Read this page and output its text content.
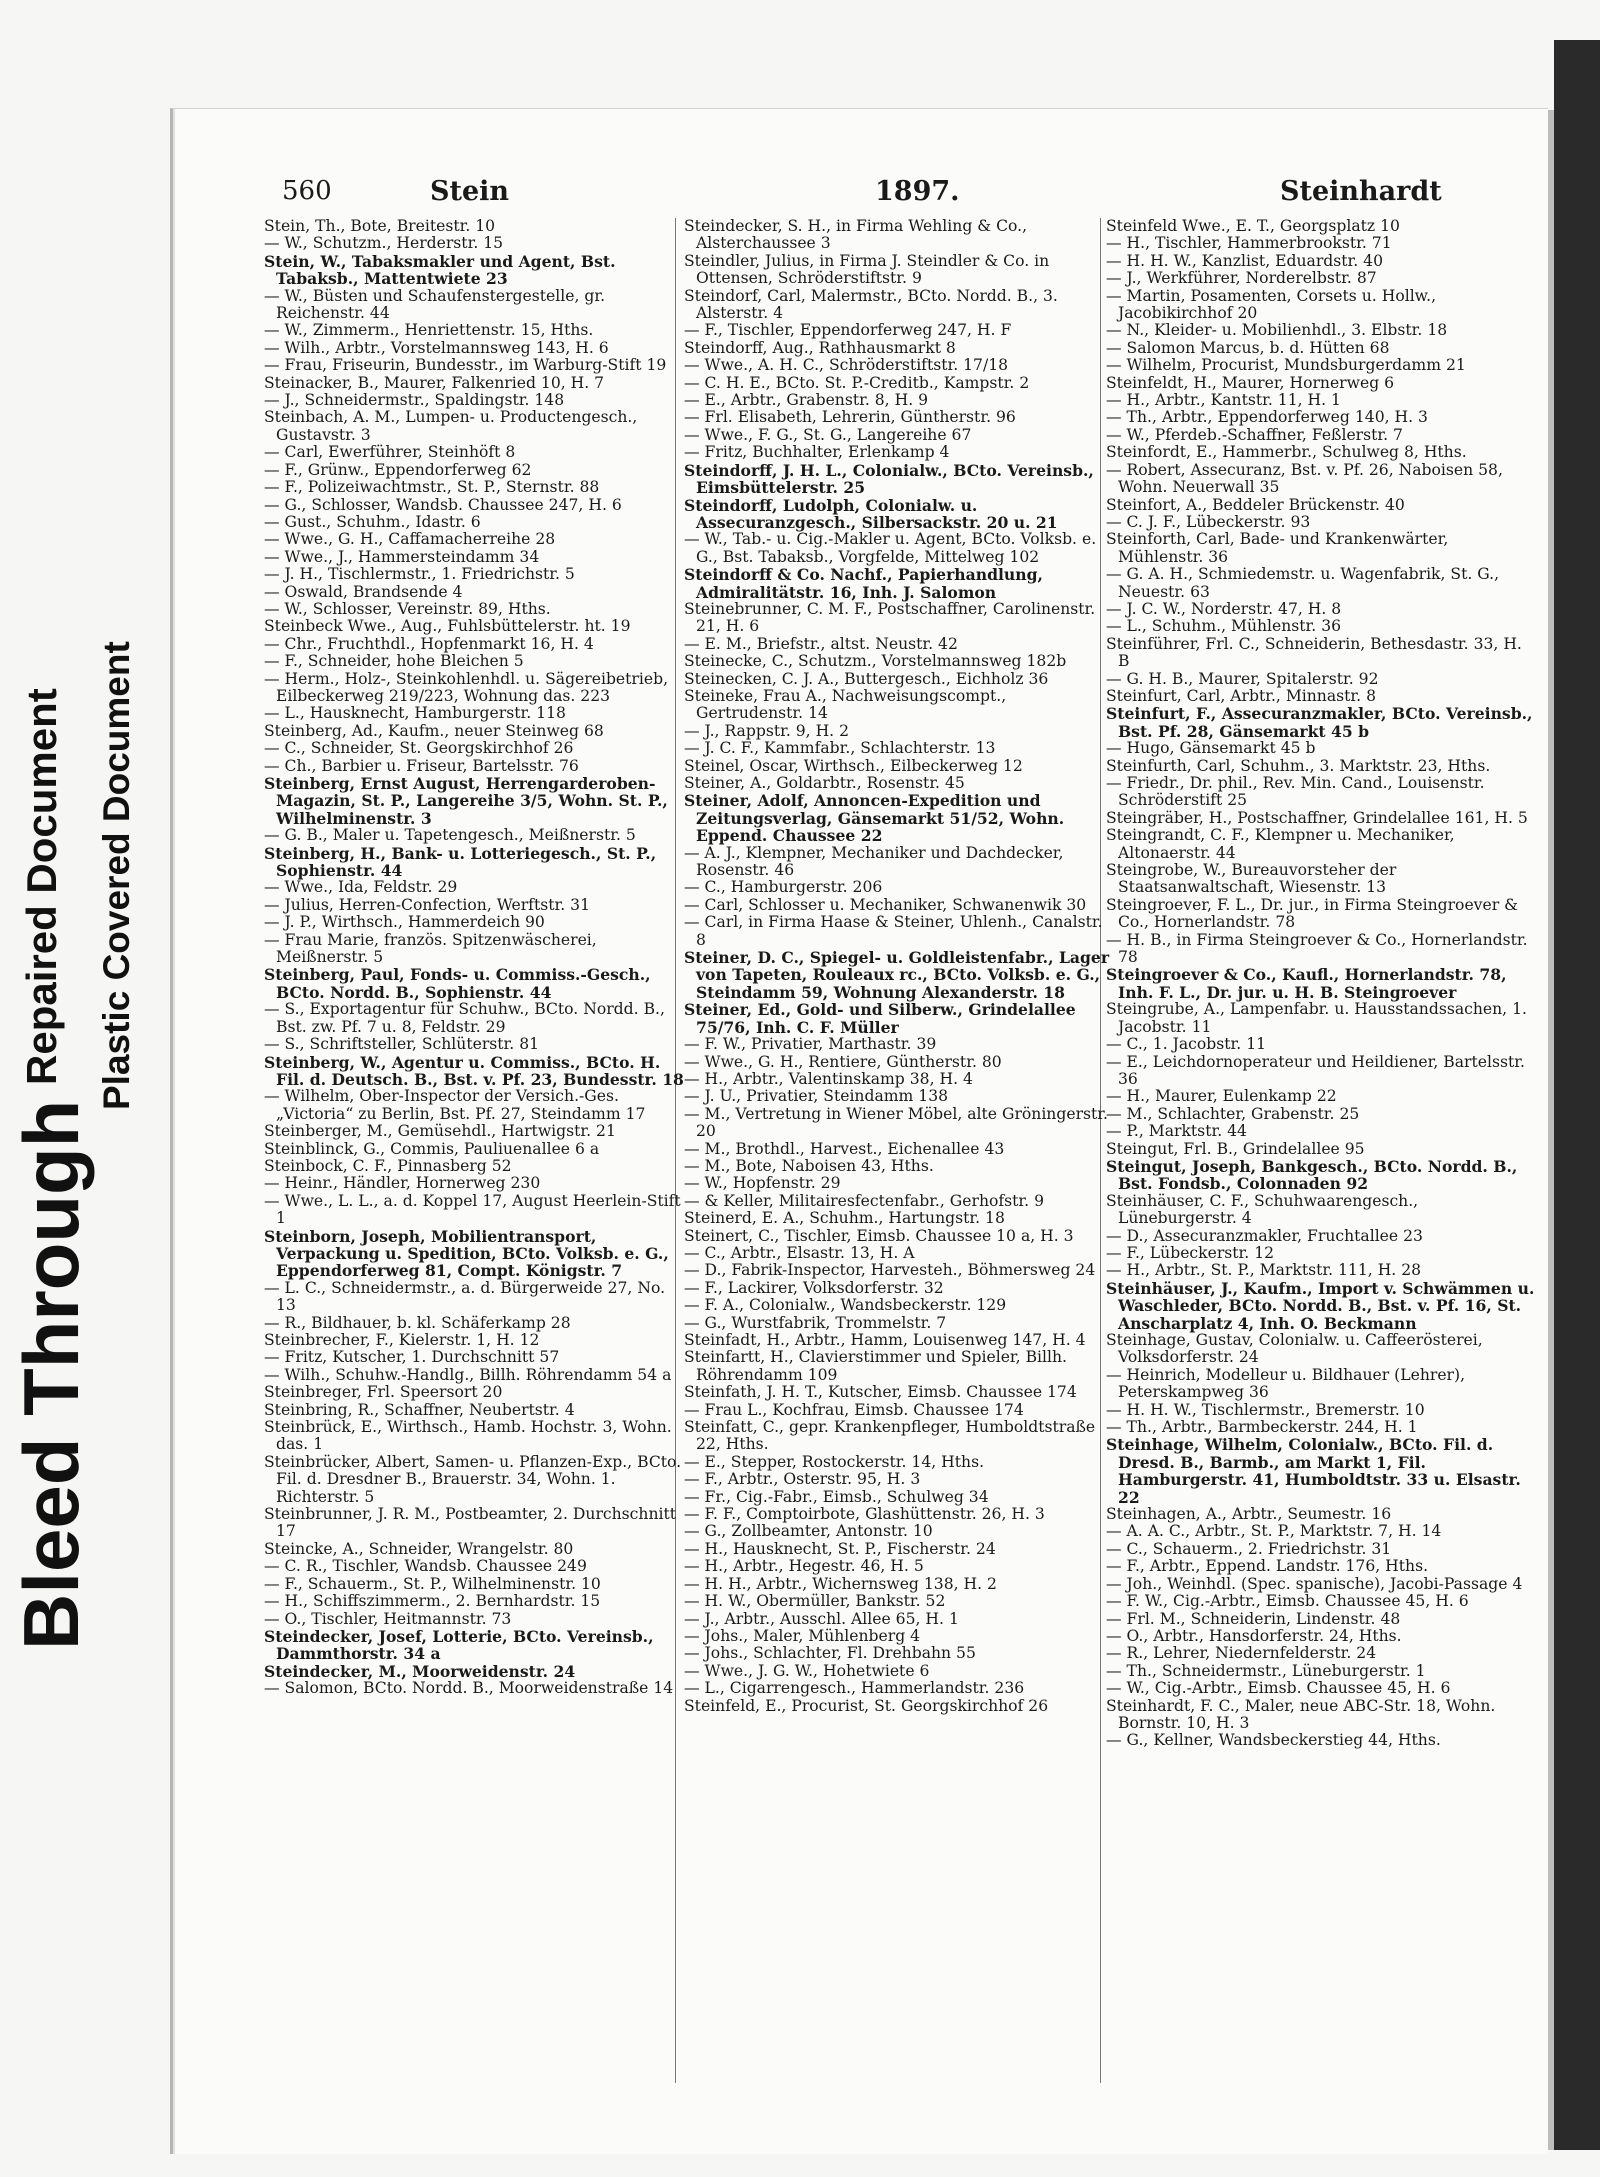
Bleed Through
Repaired Document Plastic Covered Document
560	Stein	1897.	Steinhardt

Stein, Th., Bote, Breitestr. 10

— W., Schutzm., Herderstr. 15

Stein, W., Tabaksmakler und Agent, Bst. Tabaksb., Mattentwiete 23

— W., Büsten und Schaufenstergestelle, gr. Reichenstr. 44

— W., Zimmerm., Henriettenstr. 15, Hths.

— Wilh., Arbtr., Vorstelmannsweg 143, H. 6

— Frau, Friseurin, Bundesstr., im Warburg-Stift 19

Steinacker, B., Maurer, Falkenried 10, H. 7

— J., Schneidermstr., Spaldingstr. 148

Steinbach, A. M., Lumpen- u. Productengesch., Gustavstr. 3

— Carl, Ewerführer, Steinhöft 8

— F., Grünw., Eppendorferweg 62

— F., Polizeiwachtmstr., St. P., Sternstr. 88

— G., Schlosser, Wandsb. Chaussee 247, H. 6

— Gust., Schuhm., Idastr. 6

— Wwe., G. H., Caffamacherreihe 28

— Wwe., J., Hammersteindamm 34

— J. H., Tischlermstr., 1. Friedrichstr. 5

— Oswald, Brandsende 4

— W., Schlosser, Vereinstr. 89, Hths.

Steinbeck Wwe., Aug., Fuhlsbüttelerstr. ht. 19

— Chr., Fruchthdl., Hopfenmarkt 16, H. 4

— F., Schneider, hohe Bleichen 5

— Herm., Holz-, Steinkohlenhdl. u. Sägereibetrieb, Eilbeckerweg 219/223, Wohnung das. 223

— L., Hausknecht, Hamburgerstr. 118

Steinberg, Ad., Kaufm., neuer Steinweg 68

— C., Schneider, St. Georgskirchhof 26

— Ch., Barbier u. Friseur, Bartelsstr. 76

Steinberg, Ernst August, Herrengarderoben-Magazin, St. P., Langereihe 3/5, Wohn. St. P., Wilhelminenstr. 3

— G. B., Maler u. Tapetengesch., Meißnerstr. 5

Steinberg, H., Bank- u. Lotteriegesch., St. P., Sophienstr. 44

— Wwe., Ida, Feldstr. 29

— Julius, Herren-Confection, Werftstr. 31

— J. P., Wirthsch., Hammerdeich 90

— Frau Marie, französ. Spitzenwäscherei, Meißnerstr. 5

Steinberg, Paul, Fonds- u. Commiss.-Gesch., BCto. Nordd. B., Sophienstr. 44

— S., Exportagentur für Schuhw., BCto. Nordd. B., Bst. zw. Pf. 7 u. 8, Feldstr. 29

— S., Schriftsteller, Schlüterstr. 81

Steinberg, W., Agentur u. Commiss., BCto. H. Fil. d. Deutsch. B., Bst. v. Pf. 23, Bundesstr. 18

— Wilhelm, Ober-Inspector der Versich.-Ges. „Victoria“ zu Berlin, Bst. Pf. 27, Steindamm 17

Steinberger, M., Gemüsehdl., Hartwigstr. 21

Steinblinck, G., Commis, Pauliuenallee 6 a

Steinbock, C. F., Pinnasberg 52

— Heinr., Händler, Hornerweg 230

— Wwe., L. L., a. d. Koppel 17, August Heerlein-Stift 1

Steinborn, Joseph, Mobilientransport, Verpackung u. Spedition, BCto. Volksb. e. G., Eppendorferweg 81, Compt. Königstr. 7

— L. C., Schneidermstr., a. d. Bürgerweide 27, No. 13

— R., Bildhauer, b. kl. Schäferkamp 28

Steinbrecher, F., Kielerstr. 1, H. 12

— Fritz, Kutscher, 1. Durchschnitt 57

— Wilh., Schuhw.-Handlg., Billh. Röhrendamm 54 a

Steinbreger, Frl. Speersort 20

Steinbring, R., Schaffner, Neubertstr. 4

Steinbrück, E., Wirthsch., Hamb. Hochstr. 3, Wohn. das. 1

Steinbrücker, Albert, Samen- u. Pflanzen-Exp., BCto. Fil. d. Dresdner B., Brauerstr. 34, Wohn. 1. Richterstr. 5

Steinbrunner, J. R. M., Postbeamter, 2. Durchschnitt 17

Steincke, A., Schneider, Wrangelstr. 80

— C. R., Tischler, Wandsb. Chaussee 249

— F., Schauerm., St. P., Wilhelminenstr. 10

— H., Schiffszimmerm., 2. Bernhardstr. 15

— O., Tischler, Heitmannstr. 73

Steindecker, Josef, Lotterie, BCto. Vereinsb., Dammthorstr. 34 a

Steindecker, M., Moorweidenstr. 24

— Salomon, BCto. Nordd. B., Moorweidenstraße 14

Steindecker, S. H., in Firma Wehling & Co., Alsterchaussee 3

Steindler, Julius, in Firma J. Steindler & Co. in Ottensen, Schröderstiftstr. 9

Steindorf, Carl, Malermstr., BCto. Nordd. B., 3. Alsterstr. 4

— F., Tischler, Eppendorferweg 247, H. F

Steindorff, Aug., Rathhausmarkt 8

— Wwe., A. H. C., Schröderstiftstr. 17/18

— C. H. E., BCto. St. P.-Creditb., Kampstr. 2

— E., Arbtr., Grabenstr. 8, H. 9

— Frl. Elisabeth, Lehrerin, Güntherstr. 96

— Wwe., F. G., St. G., Langereihe 67

— Fritz, Buchhalter, Erlenkamp 4

Steindorff, J. H. L., Colonialw., BCto. Vereinsb., Eimsbüttelerstr. 25

Steindorff, Ludolph, Colonialw. u. Assecuranzgesch., Silbersackstr. 20 u. 21

— W., Tab.- u. Cig.-Makler u. Agent, BCto. Volksb. e. G., Bst. Tabaksb., Vorgfelde, Mittelweg 102

Steindorff & Co. Nachf., Papierhandlung, Admiralitätstr. 16, Inh. J. Salomon

Steinebrunner, C. M. F., Postschaffner, Carolinenstr. 21, H. 6

— E. M., Briefstr., altst. Neustr. 42

Steinecke, C., Schutzm., Vorstelmannsweg 182b

Steinecken, C. J. A., Buttergesch., Eichholz 36

Steineke, Frau A., Nachweisungscompt., Gertrudenstr. 14

— J., Rappstr. 9, H. 2

— J. C. F., Kammfabr., Schlachterstr. 13

Steinel, Oscar, Wirthsch., Eilbeckerweg 12

Steiner, A., Goldarbtr., Rosenstr. 45

Steiner, Adolf, Annoncen-Expedition und Zeitungsverlag, Gänsemarkt 51/52, Wohn. Eppend. Chaussee 22

— A. J., Klempner, Mechaniker und Dachdecker, Rosenstr. 46

— C., Hamburgerstr. 206

— Carl, Schlosser u. Mechaniker, Schwanenwik 30

— Carl, in Firma Haase & Steiner, Uhlenh., Canalstr. 8

Steiner, D. C., Spiegel- u. Goldleistenfabr., Lager von Tapeten, Rouleaux rc., BCto. Volksb. e. G., Steindamm 59, Wohnung Alexanderstr. 18

Steiner, Ed., Gold- und Silberw., Grindelallee 75/76, Inh. C. F. Müller

— F. W., Privatier, Marthastr. 39

— Wwe., G. H., Rentiere, Güntherstr. 80

— H., Arbtr., Valentinskamp 38, H. 4

— J. U., Privatier, Steindamm 138

— M., Vertretung in Wiener Möbel, alte Gröningerstr. 20

— M., Brothdl., Harvest., Eichenallee 43

— M., Bote, Naboisen 43, Hths.

— W., Hopfenstr. 29

— & Keller, Militairesfectenfabr., Gerhofstr. 9

Steinerd, E. A., Schuhm., Hartungstr. 18

Steinert, C., Tischler, Eimsb. Chaussee 10 a, H. 3

— C., Arbtr., Elsastr. 13, H. A

— D., Fabrik-Inspector, Harvesteh., Böhmersweg 24

— F., Lackirer, Volksdorferstr. 32

— F. A., Colonialw., Wandsbeckerstr. 129

— G., Wurstfabrik, Trommelstr. 7

Steinfadt, H., Arbtr., Hamm, Louisenweg 147, H. 4

Steinfartt, H., Clavierstimmer und Spieler, Billh. Röhrendamm 109

Steinfath, J. H. T., Kutscher, Eimsb. Chaussee 174

— Frau L., Kochfrau, Eimsb. Chaussee 174

Steinfatt, C., gepr. Krankenpfleger, Humboldtstraße 22, Hths.

— E., Stepper, Rostockerstr. 14, Hths.

— F., Arbtr., Osterstr. 95, H. 3

— Fr., Cig.-Fabr., Eimsb., Schulweg 34

— F. F., Comptoirbote, Glashüttenstr. 26, H. 3

— G., Zollbeamter, Antonstr. 10

— H., Hausknecht, St. P., Fischerstr. 24

— H., Arbtr., Hegestr. 46, H. 5

— H. H., Arbtr., Wichernsweg 138, H. 2

— H. W., Obermüller, Bankstr. 52

— J., Arbtr., Ausschl. Allee 65, H. 1

— Johs., Maler, Mühlenberg 4

— Johs., Schlachter, Fl. Drehbahn 55

— Wwe., J. G. W., Hohetwiete 6

— L., Cigarrengesch., Hammerlandstr. 236

Steinfeld, E., Procurist, St. Georgskirchhof 26

Steinfeld Wwe., E. T., Georgsplatz 10

— H., Tischler, Hammerbrookstr. 71

— H. H. W., Kanzlist, Eduardstr. 40

— J., Werkführer, Norderelbstr. 87

— Martin, Posamenten, Corsets u. Hollw., Jacobikirchhof 20

— N., Kleider- u. Mobilienhdl., 3. Elbstr. 18

— Salomon Marcus, b. d. Hütten 68

— Wilhelm, Procurist, Mundsburgerdamm 21

Steinfeldt, H., Maurer, Hornerweg 6

— H., Arbtr., Kantstr. 11, H. 1

— Th., Arbtr., Eppendorferweg 140, H. 3

— W., Pferdeb.-Schaffner, Feßlerstr. 7

Steinfordt, E., Hammerbr., Schulweg 8, Hths.

— Robert, Assecuranz, Bst. v. Pf. 26, Naboisen 58, Wohn. Neuerwall 35

Steinfort, A., Beddeler Brückenstr. 40

— C. J. F., Lübeckerstr. 93

Steinforth, Carl, Bade- und Krankenwärter, Mühlenstr. 36

— G. A. H., Schmiedemstr. u. Wagenfabrik, St. G., Neuestr. 63

— J. C. W., Norderstr. 47, H. 8

— L., Schuhm., Mühlenstr. 36

Steinführer, Frl. C., Schneiderin, Bethesdastr. 33, H. B

— G. H. B., Maurer, Spitalerstr. 92

Steinfurt, Carl, Arbtr., Minnastr. 8

Steinfurt, F., Assecuranzmakler, BCto. Vereinsb., Bst. Pf. 28, Gänsemarkt 45 b

— Hugo, Gänsemarkt 45 b

Steinfurth, Carl, Schuhm., 3. Marktstr. 23, Hths.

— Friedr., Dr. phil., Rev. Min. Cand., Louisenstr. Schröderstift 25

Steingräber, H., Postschaffner, Grindelallee 161, H. 5

Steingrandt, C. F., Klempner u. Mechaniker, Altonaerstr. 44

Steingrobe, W., Bureauvorsteher der Staatsanwaltschaft, Wiesenstr. 13

Steingroever, F. L., Dr. jur., in Firma Steingroever & Co., Hornerlandstr. 78

— H. B., in Firma Steingroever & Co., Hornerlandstr. 78

Steingroever & Co., Kaufl., Hornerlandstr. 78, Inh. F. L., Dr. jur. u. H. B. Steingroever

Steingrube, A., Lampenfabr. u. Hausstandssachen, 1. Jacobstr. 11

— C., 1. Jacobstr. 11

— E., Leichdornoperateur und Heildiener, Bartelsstr. 36

— H., Maurer, Eulenkamp 22

— M., Schlachter, Grabenstr. 25

— P., Marktstr. 44

Steingut, Frl. B., Grindelallee 95

Steingut, Joseph, Bankgesch., BCto. Nordd. B., Bst. Fondsb., Colonnaden 92

Steinhäuser, C. F., Schuhwaarengesch., Lüneburgerstr. 4

— D., Assecuranzmakler, Fruchtallee 23

— F., Lübeckerstr. 12

— H., Arbtr., St. P., Marktstr. 111, H. 28

Steinhäuser, J., Kaufm., Import v. Schwämmen u. Waschleder, BCto. Nordd. B., Bst. v. Pf. 16, St. Anscharplatz 4, Inh. O. Beckmann

Steinhage, Gustav, Colonialw. u. Caffeerösterei, Volksdorferstr. 24

— Heinrich, Modelleur u. Bildhauer (Lehrer), Peterskampweg 36

— H. H. W., Tischlermstr., Bremerstr. 10

— Th., Arbtr., Barmbeckerstr. 244, H. 1

Steinhage, Wilhelm, Colonialw., BCto. Fil. d. Dresd. B., Barmb., am Markt 1, Fil. Hamburgerstr. 41, Humboldtstr. 33 u. Elsastr. 22

Steinhagen, A., Arbtr., Seumestr. 16

— A. A. C., Arbtr., St. P., Marktstr. 7, H. 14

— C., Schauerm., 2. Friedrichstr. 31

— F., Arbtr., Eppend. Landstr. 176, Hths.

— Joh., Weinhdl. (Spec. spanische), Jacobi-Passage 4

— F. W., Cig.-Arbtr., Eimsb. Chaussee 45, H. 6

— Frl. M., Schneiderin, Lindenstr. 48

— O., Arbtr., Hansdorferstr. 24, Hths.

— R., Lehrer, Niedernfelderstr. 24

— Th., Schneidermstr., Lüneburgerstr. 1

— W., Cig.-Arbtr., Eimsb. Chaussee 45, H. 6

Steinhardt, F. C., Maler, neue ABC-Str. 18, Wohn. Bornstr. 10, H. 3

— G., Kellner, Wandsbeckerstieg 44, Hths.
